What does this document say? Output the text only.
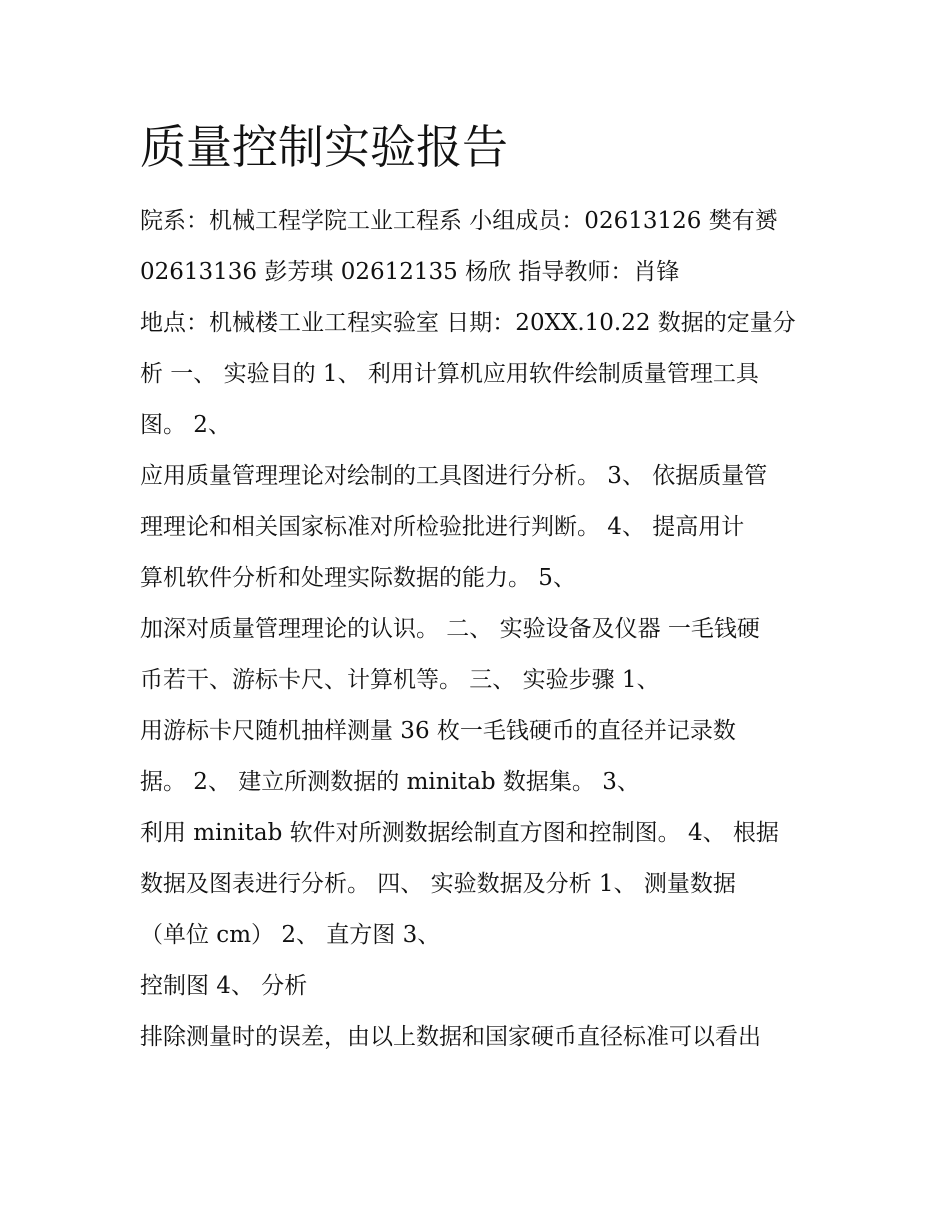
质量控制实验报告
院系：机械工程学院工业工程系 小组成员：02613126 樊有赟
02613136 彭芳琪 02612135 杨欣 指导教师：肖锋
地点：机械楼工业工程实验室 日期：20XX.10.22 数据的定量分
析 一、 实验目的 1、 利用计算机应用软件绘制质量管理工具
图。 2、
应用质量管理理论对绘制的工具图进行分析。 3、 依据质量管
理理论和相关国家标准对所检验批进行判断。 4、 提高用计
算机软件分析和处理实际数据的能力。 5、
加深对质量管理理论的认识。 二、 实验设备及仪器 一毛钱硬
币若干、游标卡尺、计算机等。 三、 实验步骤 1、
用游标卡尺随机抽样测量 36 枚一毛钱硬币的直径并记录数
据。 2、 建立所测数据的 minitab 数据集。 3、
利用 minitab 软件对所测数据绘制直方图和控制图。 4、 根据
数据及图表进行分析。 四、 实验数据及分析 1、 测量数据
（单位 cm） 2、 直方图 3、
控制图 4、 分析
排除测量时的误差，由以上数据和国家硬币直径标准可以看出
